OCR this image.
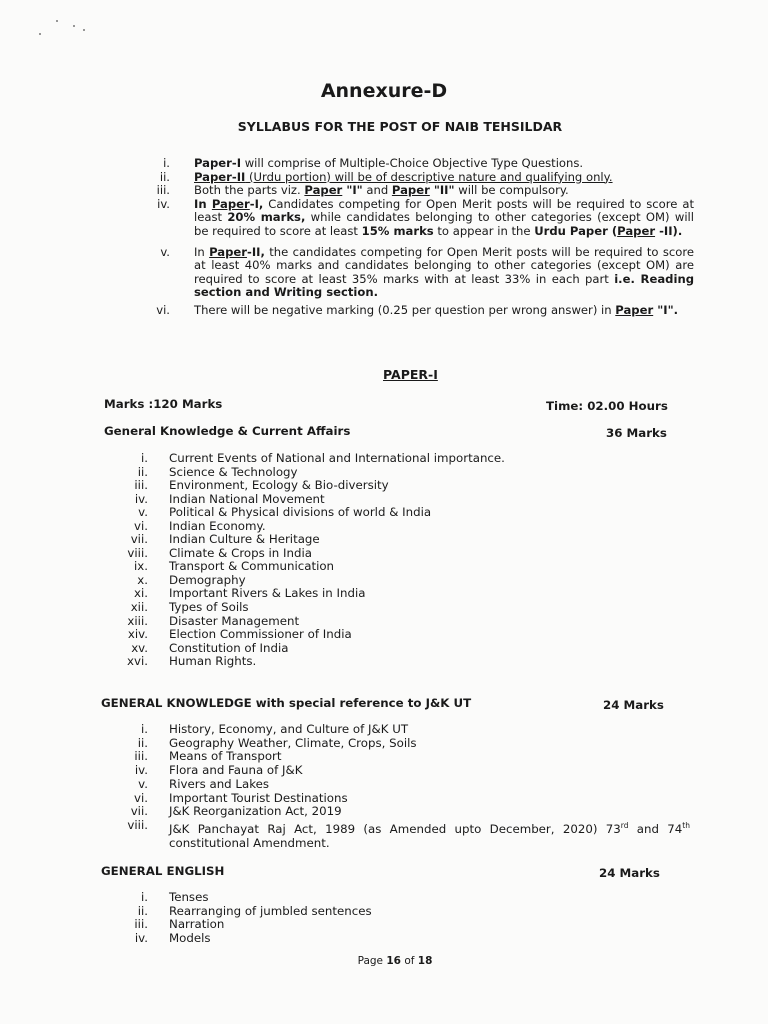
Annexure-D
SYLLABUS FOR THE POST OF NAIB TEHSILDAR
i. Paper-I will comprise of Multiple-Choice Objective Type Questions.
ii. Paper-II (Urdu portion) will be of descriptive nature and qualifying only.
iii. Both the parts viz. Paper "I" and Paper "II" will be compulsory.
iv. In Paper-I, Candidates competing for Open Merit posts will be required to score at least 20% marks, while candidates belonging to other categories (except OM) will be required to score at least 15% marks to appear in the Urdu Paper (Paper -II).
v. In Paper-II, the candidates competing for Open Merit posts will be required to score at least 40% marks and candidates belonging to other categories (except OM) are required to score at least 35% marks with at least 33% in each part i.e. Reading section and Writing section.
vi. There will be negative marking (0.25 per question per wrong answer) in Paper "I".
PAPER-I
Marks :120 Marks	Time: 02.00 Hours
General Knowledge & Current Affairs	36 Marks
i. Current Events of National and International importance.
ii. Science & Technology
iii. Environment, Ecology & Bio-diversity
iv. Indian National Movement
v. Political & Physical divisions of world & India
vi. Indian Economy.
vii. Indian Culture & Heritage
viii. Climate & Crops in India
ix. Transport & Communication
x. Demography
xi. Important Rivers & Lakes in India
xii. Types of Soils
xiii. Disaster Management
xiv. Election Commissioner of India
xv. Constitution of India
xvi. Human Rights.
GENERAL KNOWLEDGE with special reference to J&K UT	24 Marks
i. History, Economy, and Culture of J&K UT
ii. Geography Weather, Climate, Crops, Soils
iii. Means of Transport
iv. Flora and Fauna of J&K
v. Rivers and Lakes
vi. Important Tourist Destinations
vii. J&K Reorganization Act, 2019
viii. J&K Panchayat Raj Act, 1989 (as Amended upto December, 2020) 73rd and 74th constitutional Amendment.
GENERAL ENGLISH	24 Marks
i. Tenses
ii. Rearranging of jumbled sentences
iii. Narration
iv. Models
Page 16 of 18
